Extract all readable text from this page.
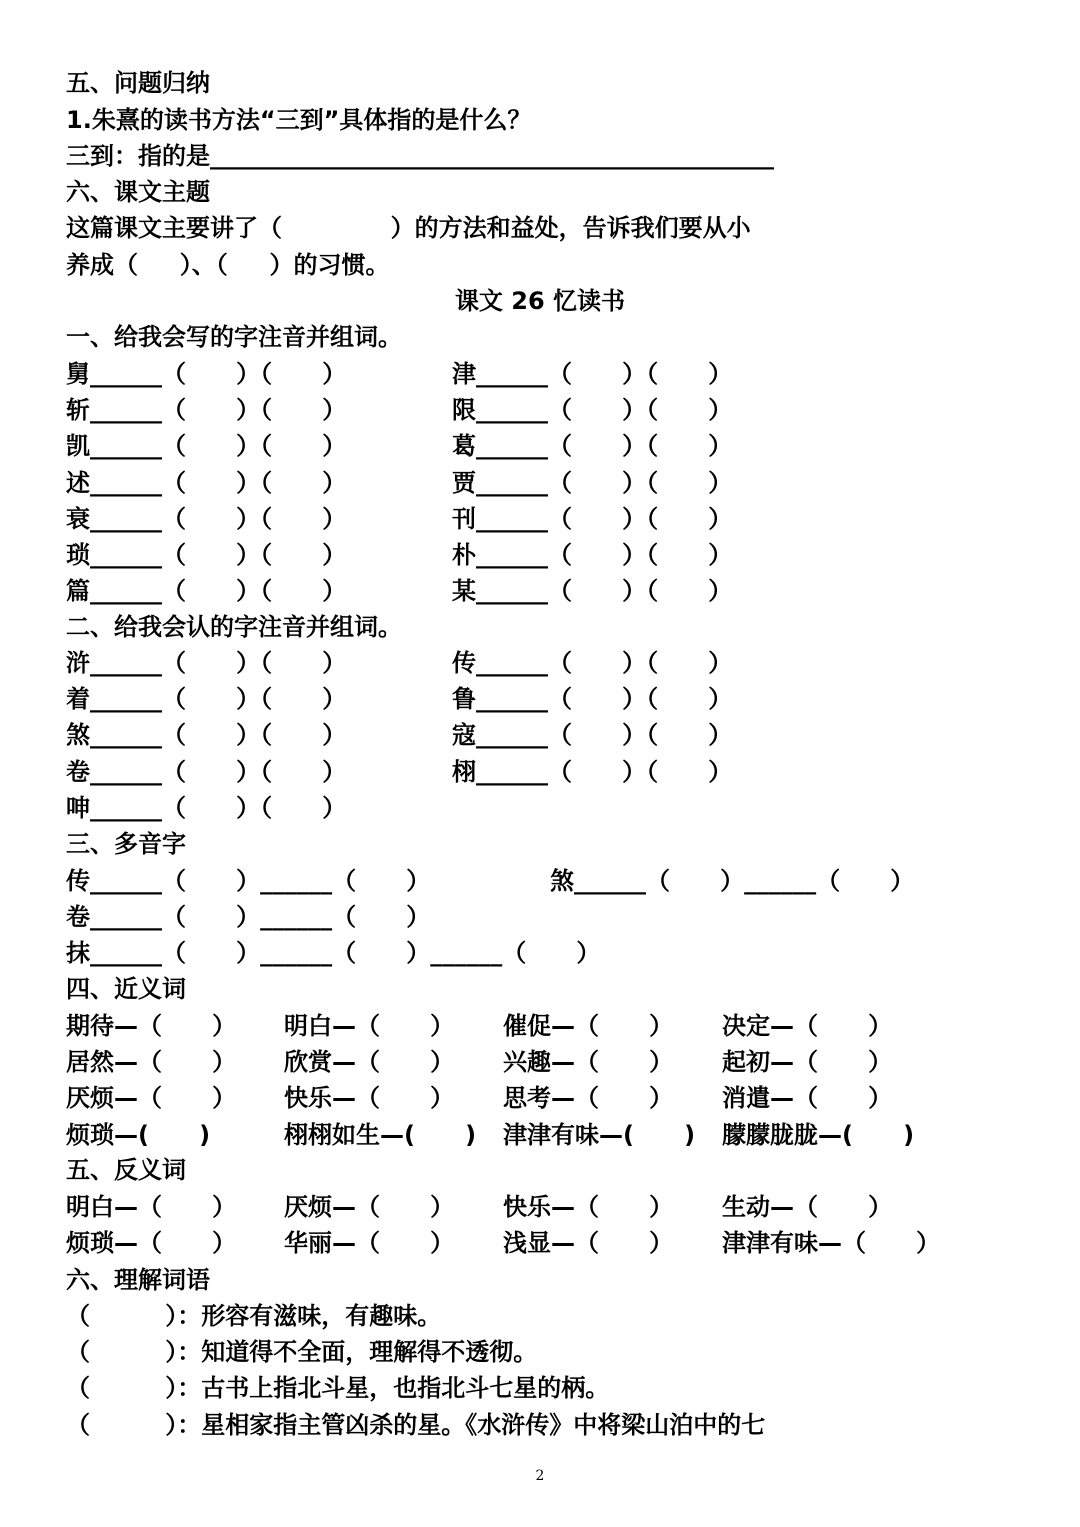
五、问题归纳
1.朱熹的读书方法“三到”具体指的是什么？
三到：指的是_______________________________________________
六、课文主题
这篇课文主要讲了（             ）的方法和益处，告诉我们要从小
养成（     ）、（     ）的习惯。
课文 26 忆读书
一、给我会写的字注音并组词。
舅______（      ）（      ）	津______（      ）（      ）
斩______（      ）（      ）	限______（      ）（      ）
凯______（      ）（      ）	葛______（      ）（      ）
述______（      ）（      ）	贾______（      ）（      ）
衰______（      ）（      ）	刊______（      ）（      ）
琐______（      ）（      ）	朴______（      ）（      ）
篇______（      ）（      ）	某______（      ）（      ）
二、给我会认的字注音并组词。
浒______（      ）（      ）	传______（      ）（      ）
着______（      ）（      ）	鲁______（      ）（      ）
煞______（      ）（      ）	寇______（      ）（      ）
卷______（      ）（      ）	栩______（      ）（      ）
呻______（      ）（      ）
三、多音字
传______（      ）______（      ）	煞______（      ）______（      ）
卷______（      ）______（      ）
抹______（      ）______（      ）______（      ）
四、近义词
期待—（      ） 明白—（      ） 催促—（      ） 决定—（      ）
居然—（      ） 欣赏—（      ） 兴趣—（      ） 起初—（      ）
厌烦—（      ） 快乐—（      ） 思考—（      ） 消遣—（      ）
烦琐—(      )	栩栩如生—(      ) 津津有味—(      ) 朦朦胧胧—(      )
五、反义词
明白—（      ） 厌烦—（      ） 快乐—（      ） 生动—（      ）
烦琐—（      ） 华丽—（      ） 浅显—（      ） 津津有味—（      ）
六、理解词语
（         ）：形容有滋味，有趣味。
（         ）：知道得不全面，理解得不透彻。
（         ）：古书上指北斗星，也指北斗七星的柄。
（         ）：星相家指主管凶杀的星。《水浒传》中将梁山泊中的七
2
